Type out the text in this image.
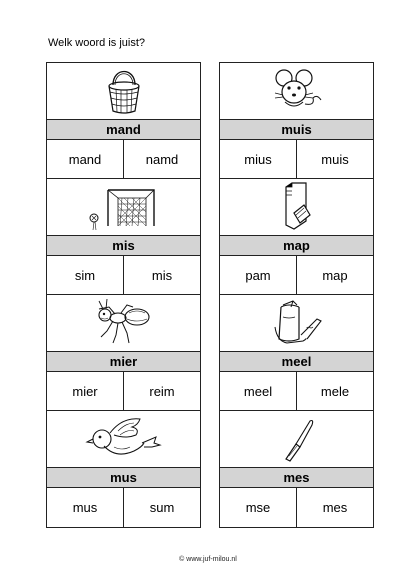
Welk woord is juist?
mand
mand	namd
muis
mius	muis
mis
sim	mis
map
pam	map
mier
mier	reim
meel
meel	mele
mus
mus	sum
mes
mse	mes
© www.juf-milou.nl
